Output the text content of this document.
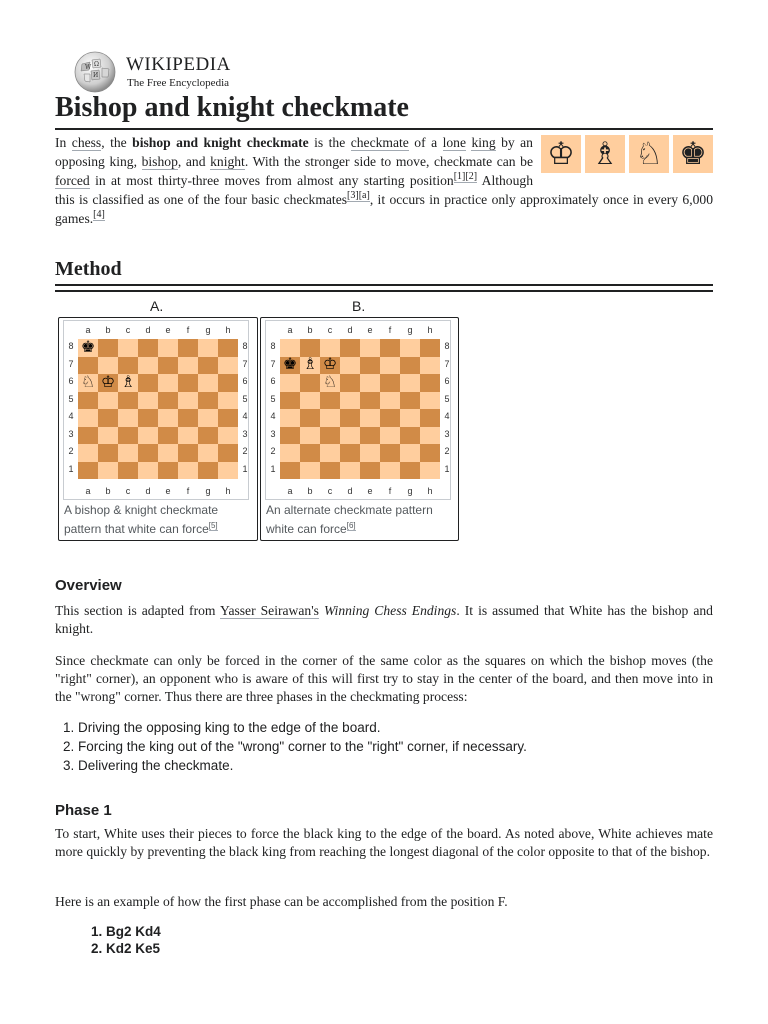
W Ω
И
WIKIPEDIA
The Free Encyclopedia
Bishop and knight checkmate

♔ ♗ ♘ ♚
In chess, the bishop and knight checkmate is the checkmate of a lone king by an opposing king, bishop, and knight. With the stronger side to move, checkmate can be forced in at most thirty-three moves from almost any starting position[1][2] Although this is classified as one of the four basic checkmates[3][a], it occurs in practice only approximately once in every 6,000 games.[4]

Method
A.	B.
a
a
b
b
c
c
d
d
e
e
f
f
g
g
h
h
8	8
7	7
6	6
5	5
4	4
3	3
2	2
1	1
♚
♘ ♔ ♗
A bishop & knight checkmate pattern that white can force[5]
a
a
b
b
c
c
d
d
e
e
f
f
g
g
h
h
8	8
7	7
6	6
5	5
4	4
3	3
2	2
1	1
♚ ♗ ♔
♘
An alternate checkmate pattern white can force[6]
Overview

This section is adapted from Yasser Seirawan's Winning Chess Endings. It is assumed that White has the bishop and knight.

Since checkmate can only be forced in the corner of the same color as the squares on which the bishop moves (the "right" corner), an opponent who is aware of this will first try to stay in the center of the board, and then move into in the "wrong" corner. Thus there are three phases in the checkmating process:

1. Driving the opposing king to the edge of the board.
2. Forcing the king out of the "wrong" corner to the "right" corner, if necessary.
3. Delivering the checkmate.
Phase 1

To start, White uses their pieces to force the black king to the edge of the board. As noted above, White achieves mate more quickly by preventing the black king from reaching the longest diagonal of the color opposite to that of the bishop.

Here is an example of how the first phase can be accomplished from the position F.

1. Bg2 Kd4
2. Kd2 Ke5
